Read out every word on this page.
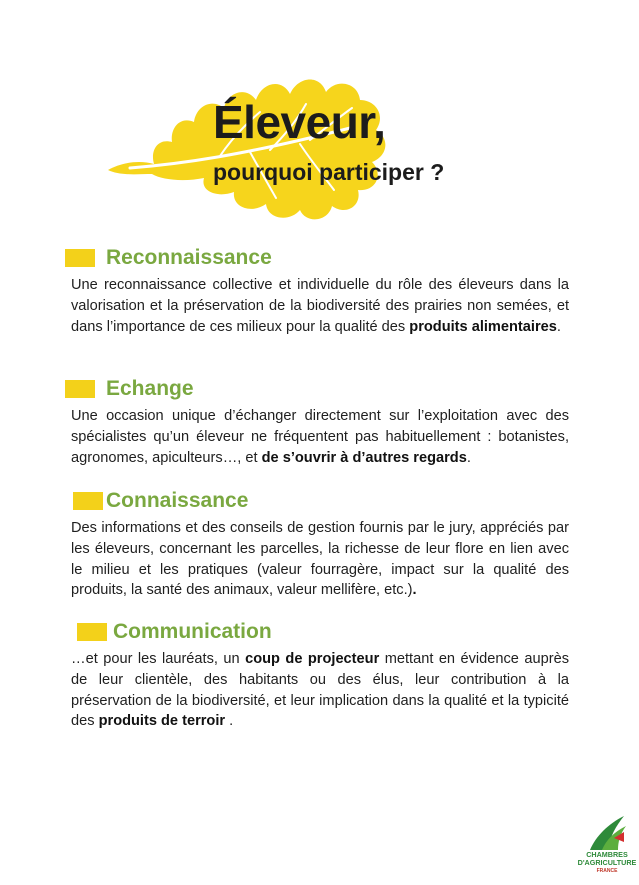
Éleveur,
pourquoi participer ?
Reconnaissance

Une reconnaissance collective et individuelle du rôle des éleveurs dans la valorisation et la préservation de la biodiversité des prairies non semées, et dans l’importance de ces milieux pour la qualité des produits alimentaires.

Echange

Une occasion unique d’échanger directement sur l’exploitation avec des spécialistes qu’un éleveur ne fréquentent pas habituellement : botanistes, agronomes, apiculteurs…, et de s’ouvrir à d’autres regards.

Connaissance

Des informations et des conseils de gestion fournis par le jury, appréciés par les éleveurs, concernant les parcelles, la richesse de leur flore en lien avec le milieu et les pratiques (valeur fourragère, impact sur la qualité des produits, la santé des animaux, valeur mellifère, etc.).

Communication

…et pour les lauréats, un coup de projecteur mettant en évidence auprès de leur clientèle, des habitants ou des élus, leur contribution à la préservation de la biodiversité, et leur implication dans la qualité et la typicité des produits de terroir .

CHAMBRES
D'AGRICULTURE
FRANCE
